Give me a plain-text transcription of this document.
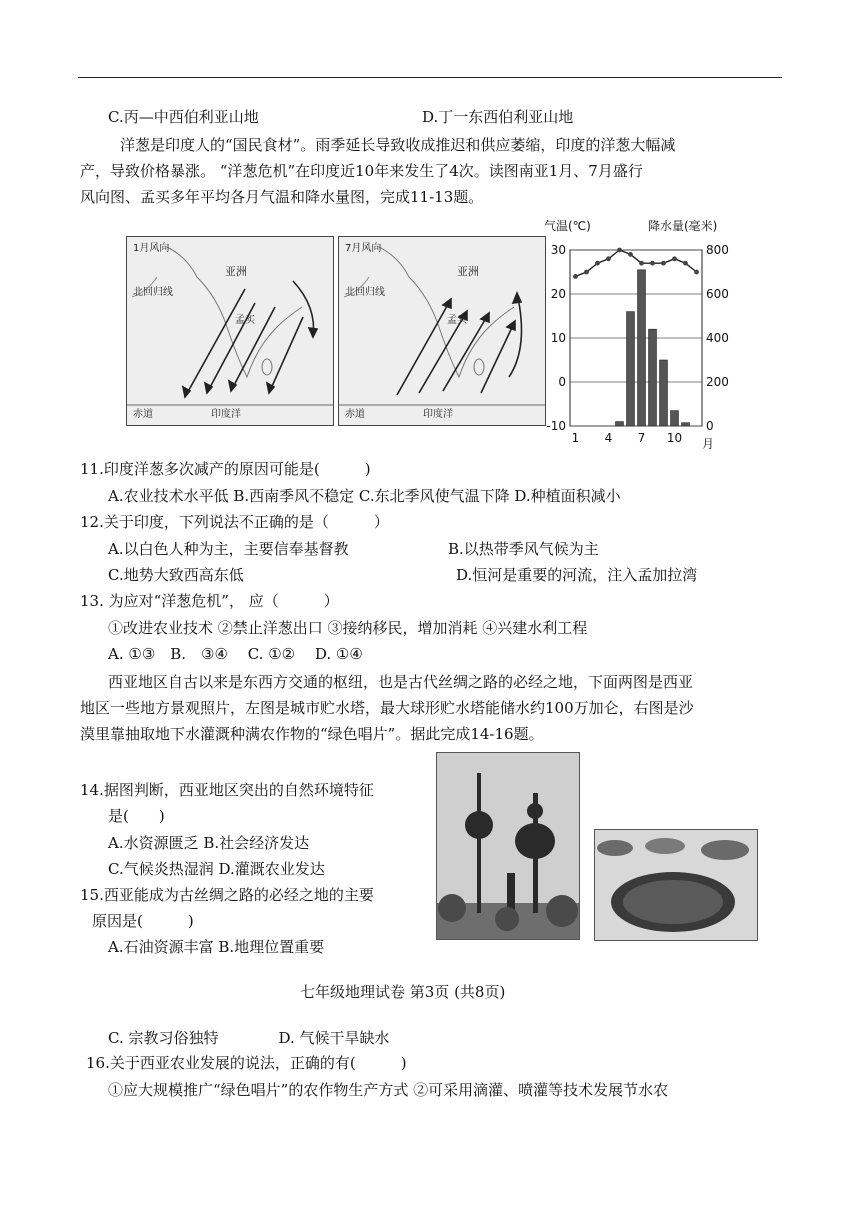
C.丙—中西伯利亚山地	D.丁一东西伯利亚山地
洋葱是印度人的“国民食材”。雨季延长导致收成推迟和供应萎缩，印度的洋葱大幅减
产，导致价格暴涨。 “洋葱危机”在印度近10年来发生了4次。读图南亚1月、7月盛行
风向图、孟买多年平均各月气温和降水量图，完成11-13题。
1月风向
亚洲
北回归线
孟买
赤道	印度洋
7月风向
亚洲
北回归线
孟买
赤道	印度洋
30	800
20	600
10	400
0	200
-10	0
1 4 7 10
气温(℃)	降水量(毫米)
月
11.印度洋葱多次减产的原因可能是(　　　)
A.农业技术水平低 B.西南季风不稳定 C.东北季风使气温下降 D.种植面积减小
12.关于印度，下列说法不正确的是（　　　）
A.以白色人种为主，主要信奉基督教	B.以热带季风气候为主
C.地势大致西高东低	D.恒河是重要的河流，注入孟加拉湾
13. 为应对“洋葱危机”， 应（　　　）
①改进农业技术 ②禁止洋葱出口 ③接纳移民，增加消耗 ④兴建水利工程
A. ①③　B.　③④　 C. ①②　 D. ①④
西亚地区自古以来是东西方交通的枢纽，也是古代丝绸之路的必经之地，下面两图是西亚
地区一些地方景观照片，左图是城市贮水塔，最大球形贮水塔能储水约100万加仑，右图是沙
漠里靠抽取地下水灌溉种满农作物的“绿色唱片”。据此完成14-16题。
14.据图判断，西亚地区突出的自然环境特征
是(　　)
A.水资源匮乏 B.社会经济发达
C.气候炎热湿润 D.灌溉农业发达
15.西亚能成为古丝绸之路的必经之地的主要
原因是(　　　)
A.石油资源丰富 B.地理位置重要
七年级地理试卷 第3页 (共8页)
C. 宗教习俗独特　　　　D. 气候干旱缺水
16.关于西亚农业发展的说法，正确的有(　　　)
①应大规模推广“绿色唱片”的农作物生产方式 ②可采用滴灌、喷灌等技术发展节水农
